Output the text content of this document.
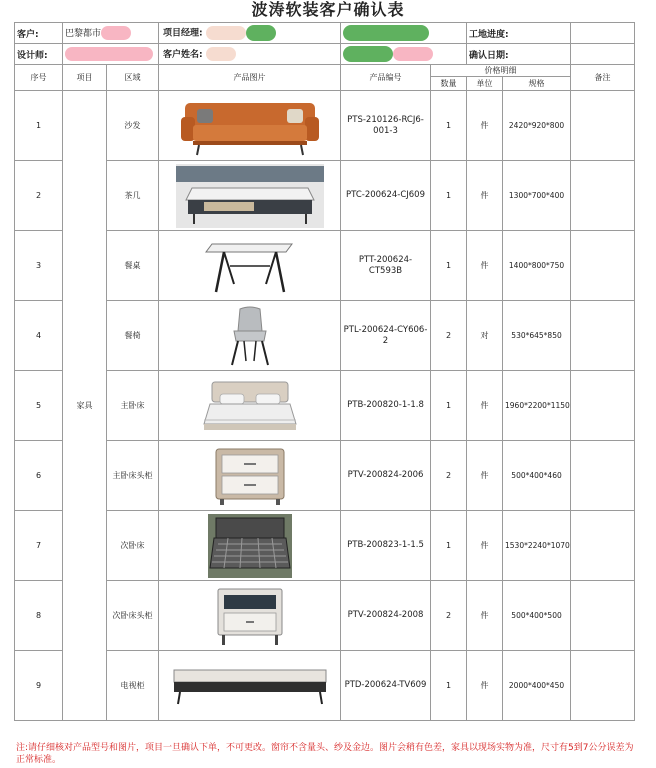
波涛软装客户确认表
客户:	巴黎都市		项目经理:			工地进度:		
设计师:			客户姓名:			确认日期:		
序号	项目	区域	产品图片	产品编号	价格明细			备注
					数量	单位	规格	
1	家具	沙发		PTS-210126-RCJ6-001-3	1	件	2420*920*800	
2		茶几		PTC-200624-CJ609	1	件	1300*700*400	
3		餐桌		PTT-200624-CT593B	1	件	1400*800*750	
4		餐椅		PTL-200624-CY606-2	2	对	530*645*850	
5		主卧床		PTB-200820-1-1.8	1	件	1960*2200*1150	
6		主卧床头柜		PTV-200824-2006	2	件	500*400*460	
7		次卧床		PTB-200823-1-1.5	1	件	1530*2240*1070	
8		次卧床头柜		PTV-200824-2008	2	件	500*400*500	
9		电视柜		PTD-200624-TV609	1	件	2000*400*450	
注:请仔细核对产品型号和图片，项目一旦确认下单，不可更改。窗帘不含量头、纱及金边。图片会稍有色差，家具以现场实物为准，尺寸有5到7公分误差为正常标准。
